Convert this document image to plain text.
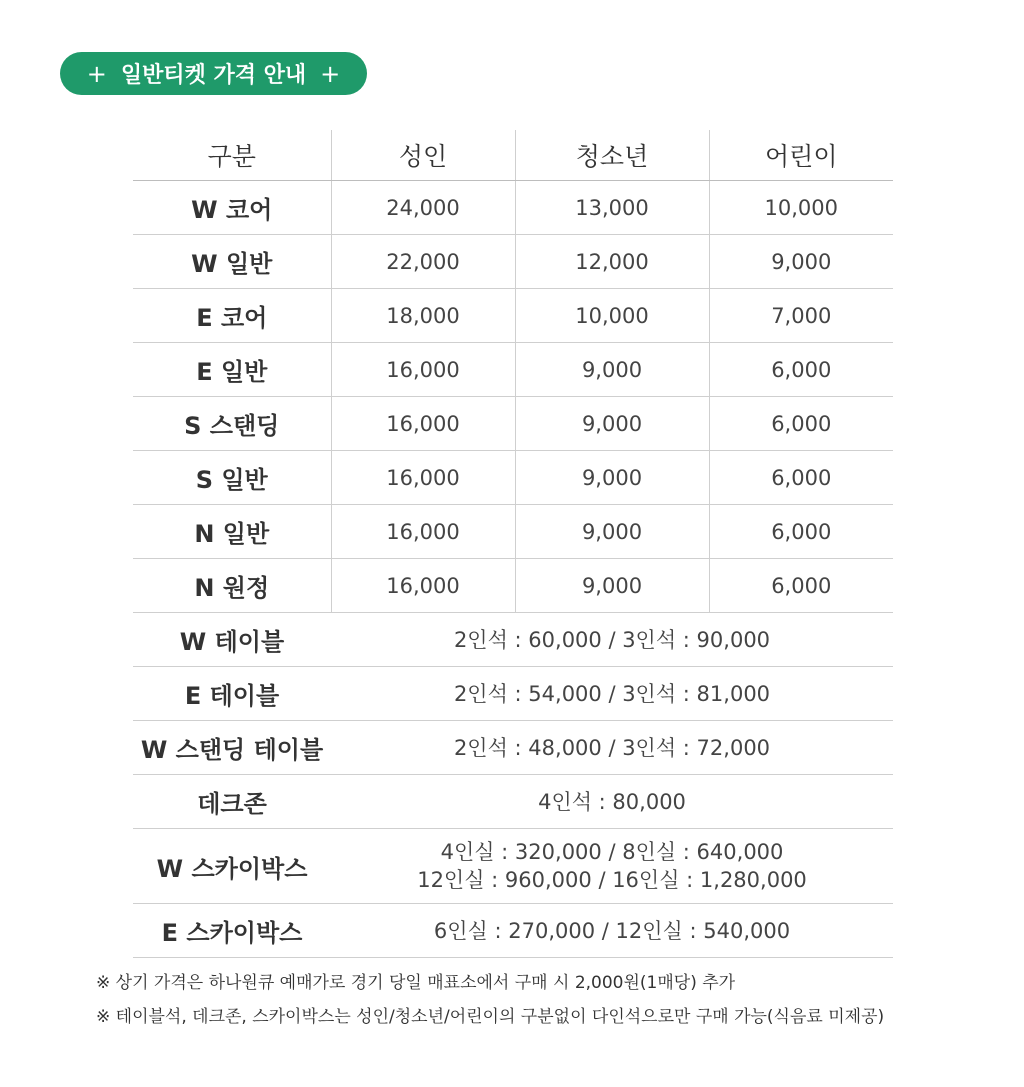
+ 일반티켓 가격 안내 +
구분	성인	청소년	어린이
W 코어	24,000	13,000	10,000
W 일반	22,000	12,000	9,000
E 코어	18,000	10,000	7,000
E 일반	16,000	9,000	6,000
S 스탠딩	16,000	9,000	6,000
S 일반	16,000	9,000	6,000
N 일반	16,000	9,000	6,000
N 원정	16,000	9,000	6,000
W 테이블	2인석 : 60,000 / 3인석 : 90,000		

E 테이블	2인석 : 54,000 / 3인석 : 81,000		

W 스탠딩 테이블	2인석 : 48,000 / 3인석 : 72,000		

데크존	4인석 : 80,000		

W 스카이박스	4인실 : 320,000 / 8인실 : 640,000
12인실 : 960,000 / 16인실 : 1,280,000		

E 스카이박스	6인실 : 270,000 / 12인실 : 540,000		
※ 상기 가격은 하나원큐 예매가로 경기 당일 매표소에서 구매 시 2,000원(1매당) 추가
※ 테이블석, 데크존, 스카이박스는 성인/청소년/어린이의 구분없이 다인석으로만 구매 가능(식음료 미제공)
